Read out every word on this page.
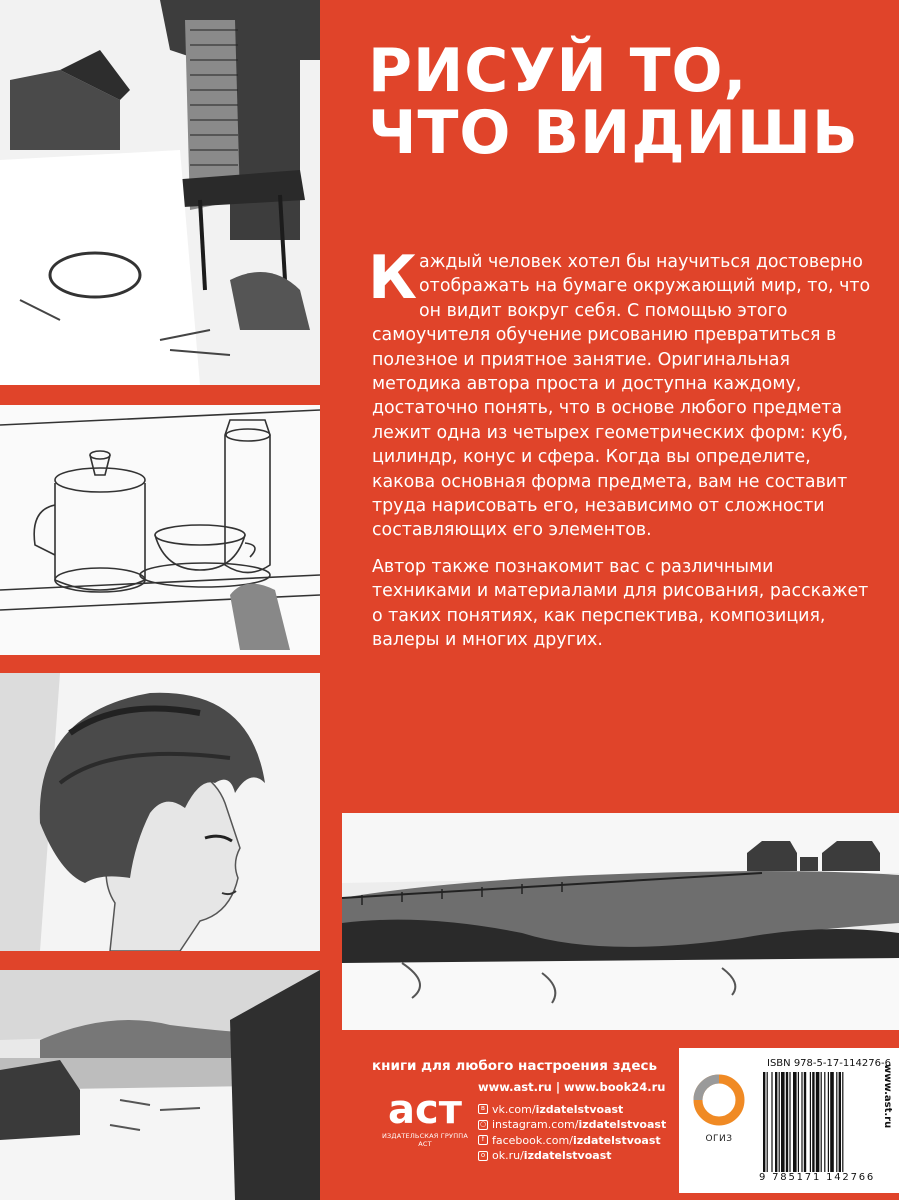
РИСУЙ ТО,
ЧТО ВИДИШЬ

Каждый человек хотел бы научиться достоверно отображать на бумаге окружающий мир, то, что он видит вокруг себя. С помощью этого самоучителя обучение рисованию превратиться в полезное и приятное занятие. Оригинальная методика автора проста и доступна каждому, достаточно понять, что в основе любого предмета лежит одна из четырех геометрических форм: куб, цилиндр, конус и сфера. Когда вы определите, какова основная форма предмета, вам не составит труда нарисовать его, независимо от сложности составляющих его элементов.

Автор также познакомит вас с различными техниками и материалами для рисования, расскажет о таких понятиях, как перспектива, композиция, валеры и многих других.

книги для любого настроения здесь
аст
ИЗДАТЕЛЬСКАЯ ГРУППА АСТ
www.ast.ru | www.book24.ru
в vk.com/ izdatelstvoast
○ instagram.com/ izdatelstvoast
f facebook.com/ izdatelstvoast
о ok.ru/ izdatelstvoast
ОГИЗ
ISBN 978-5-17-114276-6
9 785171 142766
www.ast.ru
